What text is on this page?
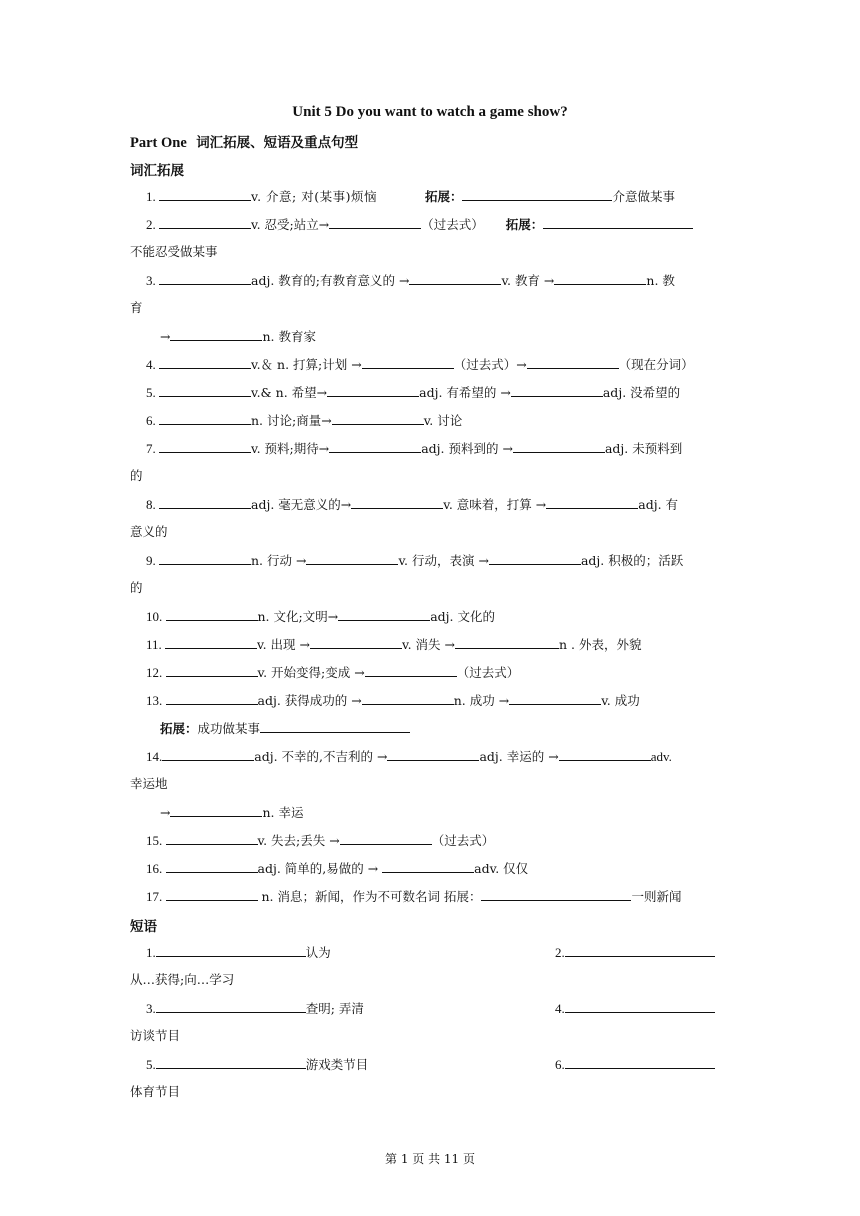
Unit 5 Do you want to watch a game show?
Part One 词汇拓展、短语及重点句型
词汇拓展
1.	v. 介意; 对(某事)烦恼	拓展：	介意做某事
2.	v. 忍受;站立→	（过去式） 拓展：
不能忍受做某事
3.	adj. 教育的;有教育意义的 →	v. 教育 →	n. 教
育
→	n. 教育家
4.	v.＆ n. 打算;计划 →	（过去式）→	（现在分词）
5.	v.& n. 希望→	adj. 有希望的 →	adj. 没希望的
6.	n. 讨论;商量→	v. 讨论
7.	v. 预料;期待→	adj. 预料到的 →	adj. 未预料到
的
8.	adj. 毫无意义的→	v. 意味着，打算 →	adj. 有
意义的
9.	n. 行动 →	v. 行动，表演 →	adj. 积极的；活跃
的
10.	n. 文化;文明→	adj. 文化的
11.	v. 出现 →	v. 消失 →	n . 外表，外貌
12.	v. 开始变得;变成 →	（过去式）
13.	adj. 获得成功的 →	n. 成功 →	v. 成功
拓展：成功做某事
14.	adj. 不幸的,不吉利的 →	adj. 幸运的 →	adv.
幸运地
→	n. 幸运
15.	v. 失去;丢失 →	（过去式）
16.	adj. 简单的,易做的 →	adv. 仅仅
17.	n. 消息；新闻，作为不可数名词 拓展：	一则新闻
短语
1.	认为	2.
从…获得;向…学习
3.	查明; 弄清	4.
访谈节目
5.	游戏类节目	6.
体育节目
第 1 页 共 11 页
